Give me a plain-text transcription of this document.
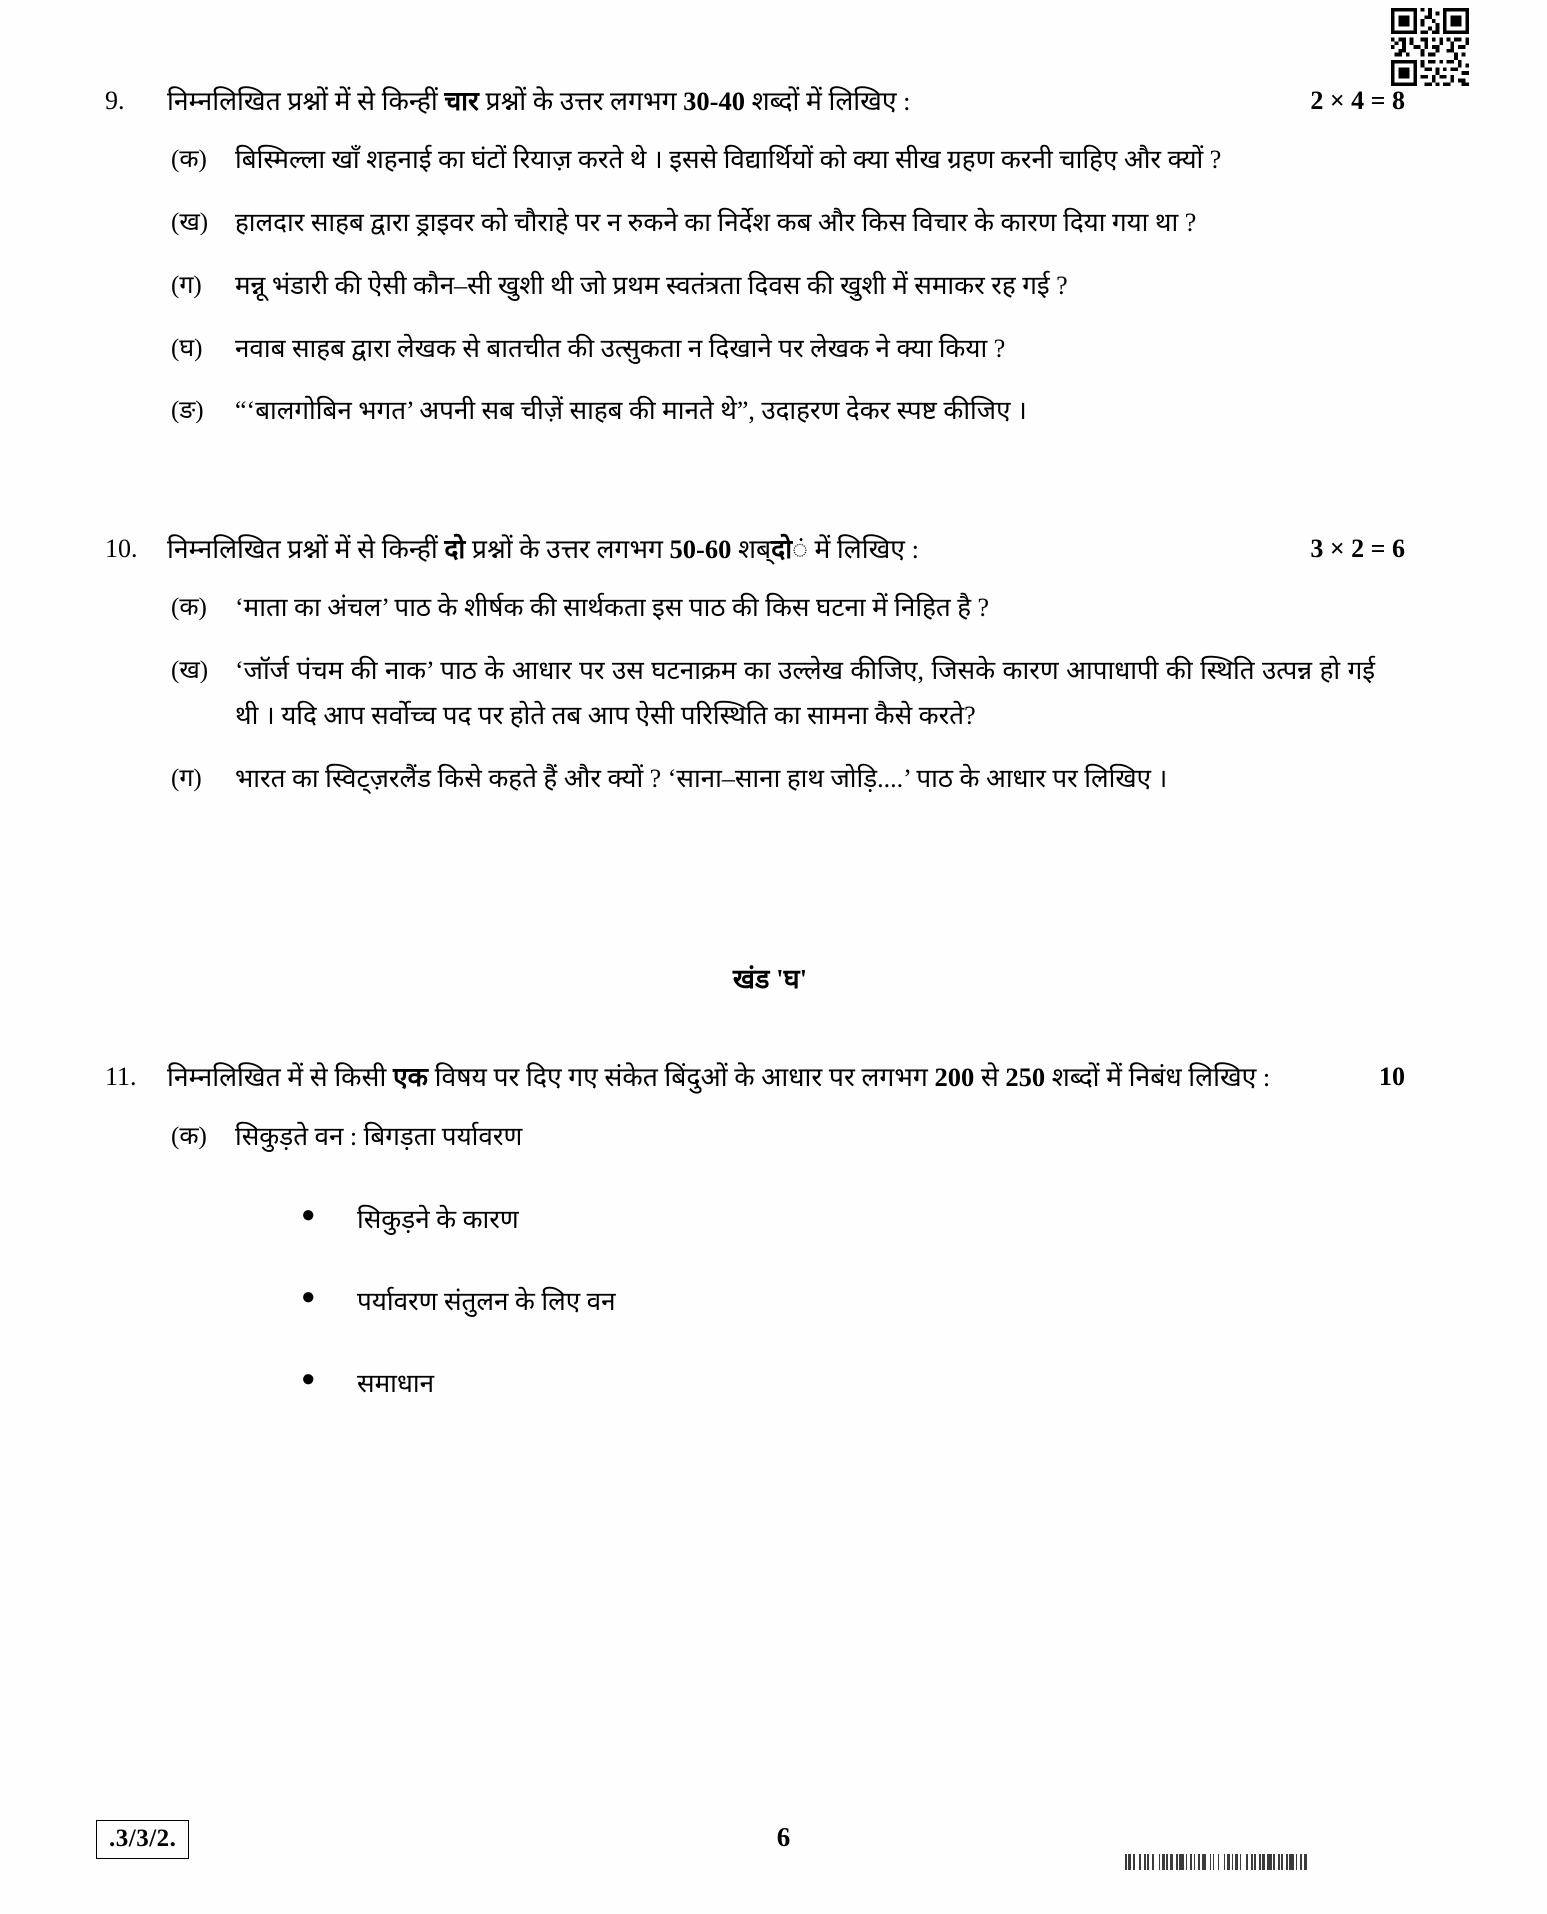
9.	निम्नलिखित प्रश्नों में से किन्हीं चार प्रश्नों के उत्तर लगभग 30-40 शब्दों में लिखिए :	2 × 4 = 8
(क)	बिस्मिल्ला खाँ शहनाई का घंटों रियाज़ करते थे । इससे विद्यार्थियों को क्या सीख ग्रहण करनी चाहिए और क्यों ?
(ख)	हालदार साहब द्वारा ड्राइवर को चौराहे पर न रुकने का निर्देश कब और किस विचार के कारण दिया गया था ?
(ग)	मन्नू भंडारी की ऐसी कौन–सी खुशी थी जो प्रथम स्वतंत्रता दिवस की खुशी में समाकर रह गई ?
(घ)	नवाब साहब द्वारा लेखक से बातचीत की उत्सुकता न दिखाने पर लेखक ने क्या किया ?
(ङ)	“‘बालगोबिन भगत’ अपनी सब चीज़ें साहब की मानते थे”, उदाहरण देकर स्पष्ट कीजिए ।
10.	निम्नलिखित प्रश्नों में से किन्हीं दो प्रश्नों के उत्तर लगभग 50-60 शब्दों में लिखिए :	3 × 2 = 6
(क)	‘माता का अंचल’ पाठ के शीर्षक की सार्थकता इस पाठ की किस घटना में निहित है ?
(ख)	‘जॉर्ज पंचम की नाक’ पाठ के आधार पर उस घटनाक्रम का उल्लेख कीजिए, जिसके कारण आपाधापी की स्थिति उत्पन्न हो गई थी । यदि आप सर्वोच्च पद पर होते तब आप ऐसी परिस्थिति का सामना कैसे करते?
(ग)	भारत का स्विट्ज़रलैंड किसे कहते हैं और क्यों ? ‘साना–साना हाथ जोड़ि....’ पाठ के आधार पर लिखिए ।
खंड 'घ'
11.	निम्नलिखित में से किसी एक विषय पर दिए गए संकेत बिंदुओं के आधार पर लगभग 200 से 250 शब्दों में निबंध लिखिए :	10
(क)	सिकुड़ते वन : बिगड़ता पर्यावरण
●	सिकुड़ने के कारण
●	पर्यावरण संतुलन के लिए वन
●	समाधान
.3/3/2.	6
